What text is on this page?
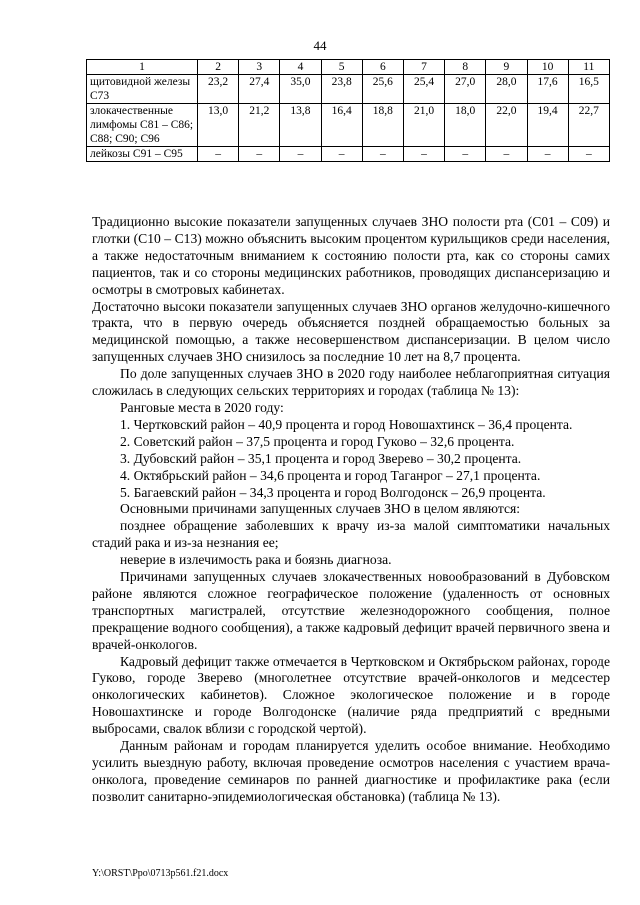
44
1	2	3	4	5	6	7	8	9	10	11
щитовидной железы С73	23,2	27,4	35,0	23,8	25,6	25,4	27,0	28,0	17,6	16,5
злокачественные лимфомы С81 – С86; С88; С90; С96	13,0	21,2	13,8	16,4	18,8	21,0	18,0	22,0	19,4	22,7
лейкозы С91 – С95	–	–	–	–	–	–	–	–	–	–

Традиционно высокие показатели запущенных случаев ЗНО полости рта (С01 – С09) и глотки (С10 – С13) можно объяснить высоким процентом курильщиков среди населения, а также недостаточным вниманием к состоянию полости рта, как со стороны самих пациентов, так и со стороны медицинских работников, проводящих диспансеризацию и осмотры в смотровых кабинетах.

Достаточно высоки показатели запущенных случаев ЗНО органов желудочно-кишечного тракта, что в первую очередь объясняется поздней обращаемостью больных за медицинской помощью, а также несовершенством диспансеризации. В целом число запущенных случаев ЗНО снизилось за последние 10 лет на 8,7 процента.

По доле запущенных случаев ЗНО в 2020 году наиболее неблагоприятная ситуация сложилась в следующих сельских территориях и городах (таблица № 13):

Ранговые места в 2020 году:

1. Чертковский район – 40,9 процента и город Новошахтинск – 36,4 процента.

2. Советский район – 37,5 процента и город Гуково – 32,6 процента.

3. Дубовский район – 35,1 процента и город Зверево – 30,2 процента.

4. Октябрьский район – 34,6 процента и город Таганрог – 27,1 процента.

5. Багаевский район – 34,3 процента и город Волгодонск – 26,9 процента.

Основными причинами запущенных случаев ЗНО в целом являются:

позднее обращение заболевших к врачу из-за малой симптоматики начальных стадий рака и из-за незнания ее;

неверие в излечимость рака и боязнь диагноза.

Причинами запущенных случаев злокачественных новообразований в Дубовском районе являются сложное географическое положение (удаленность от основных транспортных магистралей, отсутствие железнодорожного сообщения, полное прекращение водного сообщения), а также кадровый дефицит врачей первичного звена и врачей-онкологов.

Кадровый дефицит также отмечается в Чертковском и Октябрьском районах, городе Гуково, городе Зверево (многолетнее отсутствие врачей-онкологов и медсестер онкологических кабинетов). Сложное экологическое положение и в городе Новошахтинске и городе Волгодонске (наличие ряда предприятий с вредными выбросами, свалок вблизи с городской чертой).

Данным районам и городам планируется уделить особое внимание. Необходимо усилить выездную работу, включая проведение осмотров населения с участием врача-онколога, проведение семинаров по ранней диагностике и профилактике рака (если позволит санитарно-эпидемиологическая обстановка) (таблица № 13).

Y:\ORST\Ppo\0713p561.f21.docx
